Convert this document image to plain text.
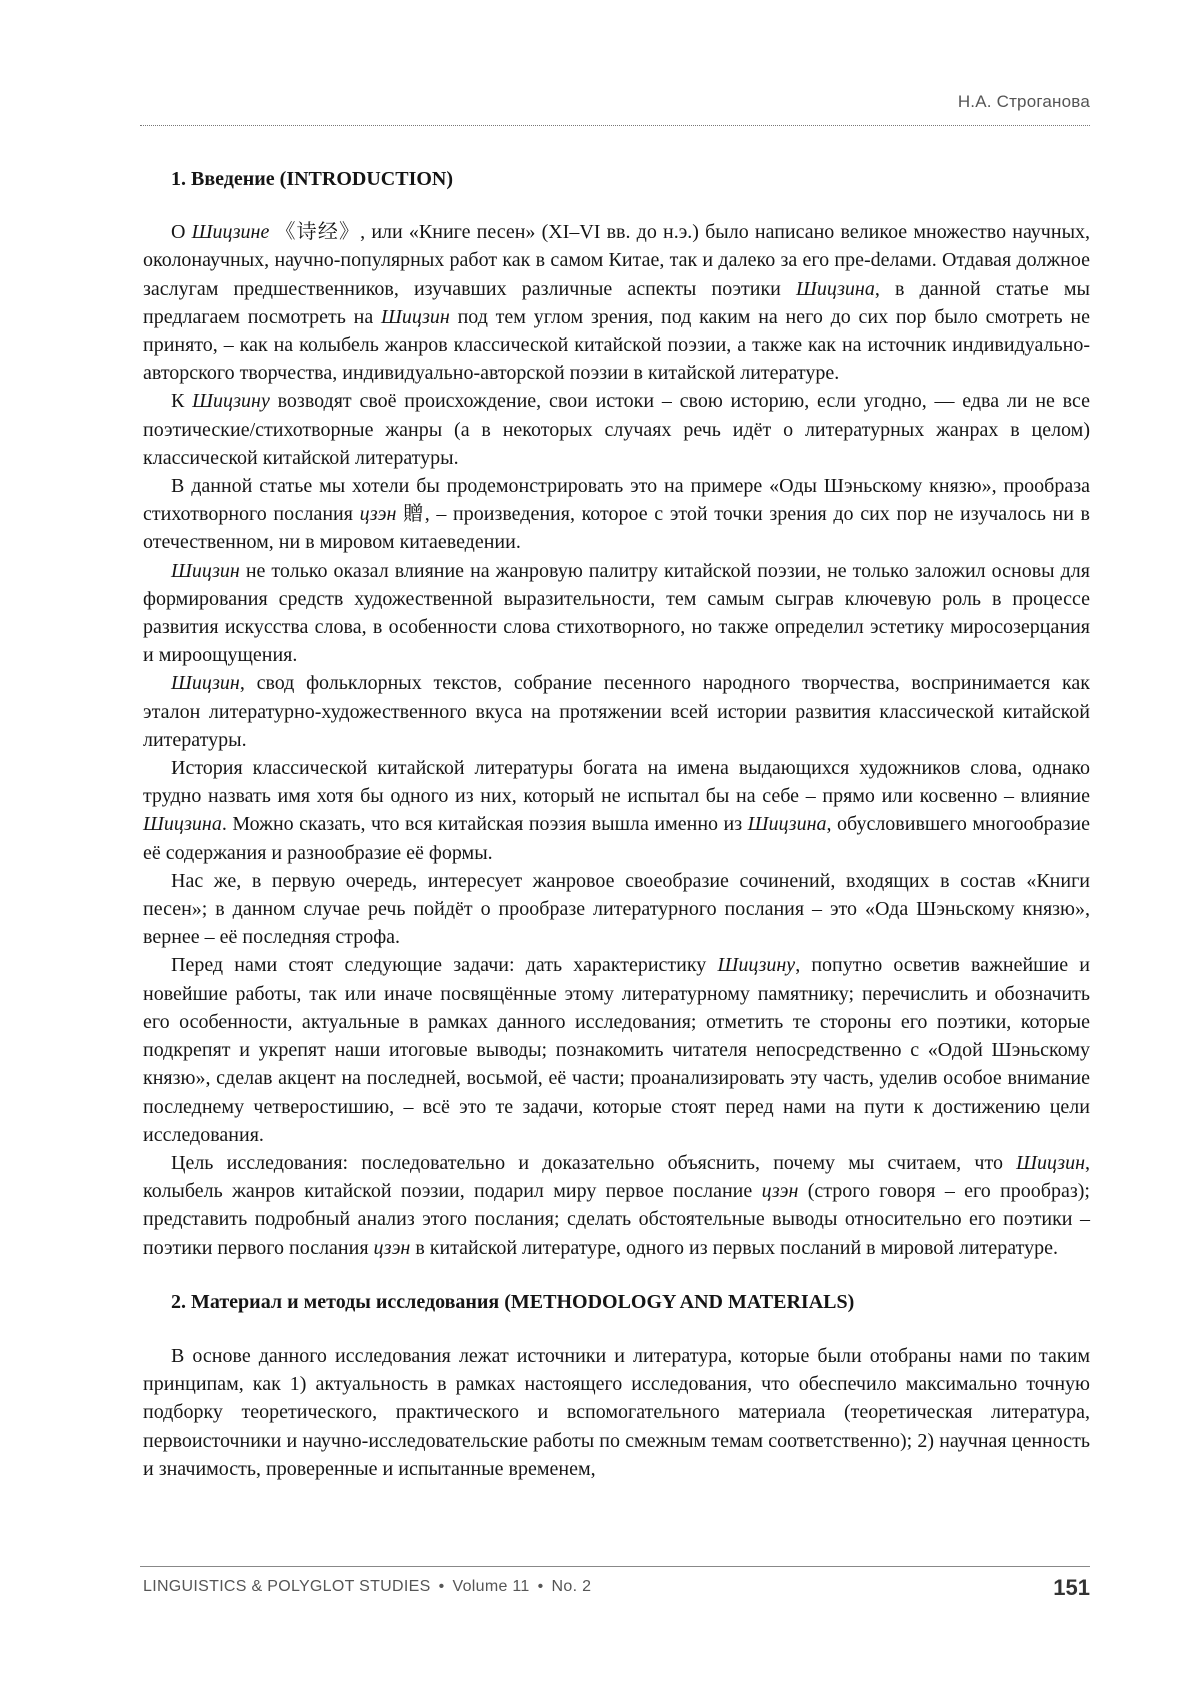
Н.А. Строганова
1. Введение (INTRODUCTION)

О Шицзине 《诗经》, или «Книге песен» (XI–VI вв. до н.э.) было написано великое множество научных, околонаучных, научно-популярных работ как в самом Китае, так и далеко за его пре-dелами. Отдавая должное заслугам предшественников, изучавших различные аспекты поэтики Шицзина, в данной статье мы предлагаем посмотреть на Шицзин под тем углом зрения, под каким на него до сих пор было смотреть не принято, – как на колыбель жанров классической китайской поэзии, а также как на источник индивидуально-авторского творчества, индивидуально-авторской поэзии в китайской литературе.

К Шицзину возводят своё происхождение, свои истоки – свою историю, если угодно, — едва ли не все поэтические/стихотворные жанры (а в некоторых случаях речь идёт о литературных жанрах в целом) классической китайской литературы.

В данной статье мы хотели бы продемонстрировать это на примере «Оды Шэньскому князю», прообраза стихотворного послания цзэн 贈, – произведения, которое с этой точки зрения до сих пор не изучалось ни в отечественном, ни в мировом китаеведении.

Шицзин не только оказал влияние на жанровую палитру китайской поэзии, не только заложил основы для формирования средств художественной выразительности, тем самым сыграв ключевую роль в процессе развития искусства слова, в особенности слова стихотворного, но также определил эстетику миросозерцания и мироощущения.

Шицзин, свод фольклорных текстов, собрание песенного народного творчества, воспринимается как эталон литературно-художественного вкуса на протяжении всей истории развития классической китайской литературы.

История классической китайской литературы богата на имена выдающихся художников слова, однако трудно назвать имя хотя бы одного из них, который не испытал бы на себе – прямо или косвенно – влияние Шицзина. Можно сказать, что вся китайская поэзия вышла именно из Шицзина, обусловившего многообразие её содержания и разнообразие её формы.

Нас же, в первую очередь, интересует жанровое своеобразие сочинений, входящих в состав «Книги песен»; в данном случае речь пойдёт о прообразе литературного послания – это «Ода Шэньскому князю», вернее – её последняя строфа.

Перед нами стоят следующие задачи: дать характеристику Шицзину, попутно осветив важнейшие и новейшие работы, так или иначе посвящённые этому литературному памятнику; перечислить и обозначить его особенности, актуальные в рамках данного исследования; отметить те стороны его поэтики, которые подкрепят и укрепят наши итоговые выводы; познакомить читателя непосредственно с «Одой Шэньскому князю», сделав акцент на последней, восьмой, её части; проанализировать эту часть, уделив особое внимание последнему четверостишию, – всё это те задачи, которые стоят перед нами на пути к достижению цели исследования.

Цель исследования: последовательно и доказательно объяснить, почему мы считаем, что Шицзин, колыбель жанров китайской поэзии, подарил миру первое послание цзэн (строго говоря – его прообраз); представить подробный анализ этого послания; сделать обстоятельные выводы относительно его поэтики – поэтики первого послания цзэн в китайской литературе, одного из первых посланий в мировой литературе.

2. Материал и методы исследования (METHODOLOGY AND MATERIALS)

В основе данного исследования лежат источники и литература, которые были отобраны нами по таким принципам, как 1) актуальность в рамках настоящего исследования, что обеспечило максимально точную подборку теоретического, практического и вспомогательного материала (теоретическая литература, первоисточники и научно-исследовательские работы по смежным темам соответственно); 2) научная ценность и значимость, проверенные и испытанные временем,

LINGUISTICS & POLYGLOT STUDIES • Volume 11 • No. 2	151
